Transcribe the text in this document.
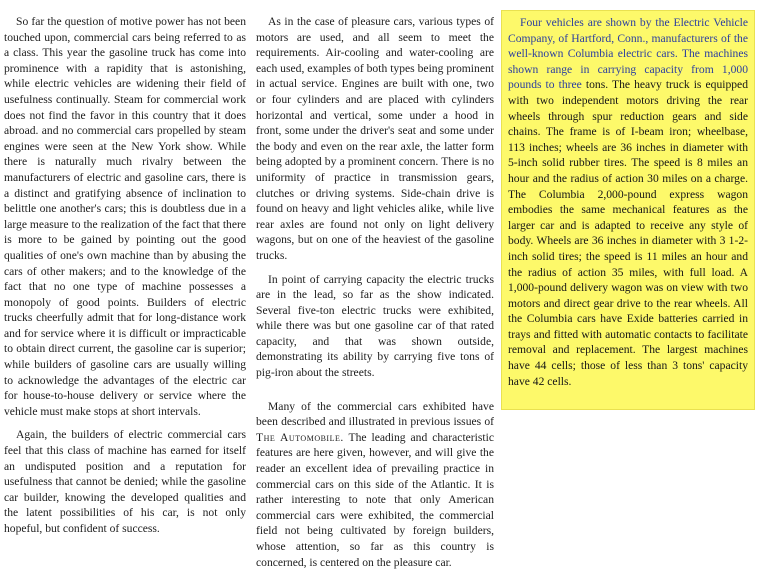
So far the question of motive power has not been touched upon, commercial cars being referred to as a class. This year the gasoline truck has come into prominence with a rapidity that is astonishing, while electric vehicles are widening their field of usefulness continually. Steam for commercial work does not find the favor in this country that it does abroad. and no commercial cars propelled by steam engines were seen at the New York show. While there is naturally much rivalry between the manufacturers of electric and gasoline cars, there is a distinct and gratifying absence of inclination to belittle one another's cars; this is doubtless due in a large measure to the realization of the fact that there is more to be gained by pointing out the good qualities of one's own machine than by abusing the cars of other makers; and to the knowledge of the fact that no one type of machine possesses a monopoly of good points. Builders of electric trucks cheerfully admit that for long-distance work and for service where it is difficult or impracticable to obtain direct current, the gasoline car is superior; while builders of gasoline cars are usually willing to acknowledge the advantages of the electric car for house-to-house delivery or service where the vehicle must make stops at short intervals.

Again, the builders of electric commercial cars feel that this class of machine has earned for itself an undisputed position and a reputation for usefulness that cannot be denied; while the gasoline car builder, knowing the developed qualities and the latent possibilities of his car, is not only hopeful, but confident of success.

As in the case of pleasure cars, various types of motors are used, and all seem to meet the requirements. Air-cooling and water-cooling are each used, examples of both types being prominent in actual service. Engines are built with one, two or four cylinders and are placed with cylinders horizontal and vertical, some under a hood in front, some under the driver's seat and some under the body and even on the rear axle, the latter form being adopted by a prominent concern. There is no uniformity of practice in transmission gears, clutches or driving systems. Side-chain drive is found on heavy and light vehicles alike, while live rear axles are found not only on light delivery wagons, but on one of the heaviest of the gasoline trucks.

In point of carrying capacity the electric trucks are in the lead, so far as the show indicated. Several five-ton electric trucks were exhibited, while there was but one gasoline car of that rated capacity, and that was shown outside, demonstrating its ability by carrying five tons of pig-iron about the streets.

Many of the commercial cars exhibited have been described and illustrated in previous issues of The Automobile. The leading and characteristic features are here given, however, and will give the reader an excellent idea of prevailing practice in commercial cars on this side of the Atlantic. It is rather interesting to note that only American commercial cars were exhibited, the commercial field not being cultivated by foreign builders, whose attention, so far as this country is concerned, is centered on the pleasure car.

Four vehicles are shown by the Electric Vehicle Company, of Hartford, Conn., manufacturers of the well-known Columbia electric cars. The machines shown range in carrying capacity from 1,000 pounds to three tons. The heavy truck is equipped with two independent motors driving the rear wheels through spur reduction gears and side chains. The frame is of I-beam iron; wheelbase, 113 inches; wheels are 36 inches in diameter with 5-inch solid rubber tires. The speed is 8 miles an hour and the radius of action 30 miles on a charge. The Columbia 2,000-pound express wagon embodies the same mechanical features as the larger car and is adapted to receive any style of body. Wheels are 36 inches in diameter with 3 1-2-inch solid tires; the speed is 11 miles an hour and the radius of action 35 miles, with full load. A 1,000-pound delivery wagon was on view with two motors and direct gear drive to the rear wheels. All the Columbia cars have Exide batteries carried in trays and fitted with automatic contacts to facilitate removal and replacement. The largest machines have 44 cells; those of less than 3 tons' capacity have 42 cells.
